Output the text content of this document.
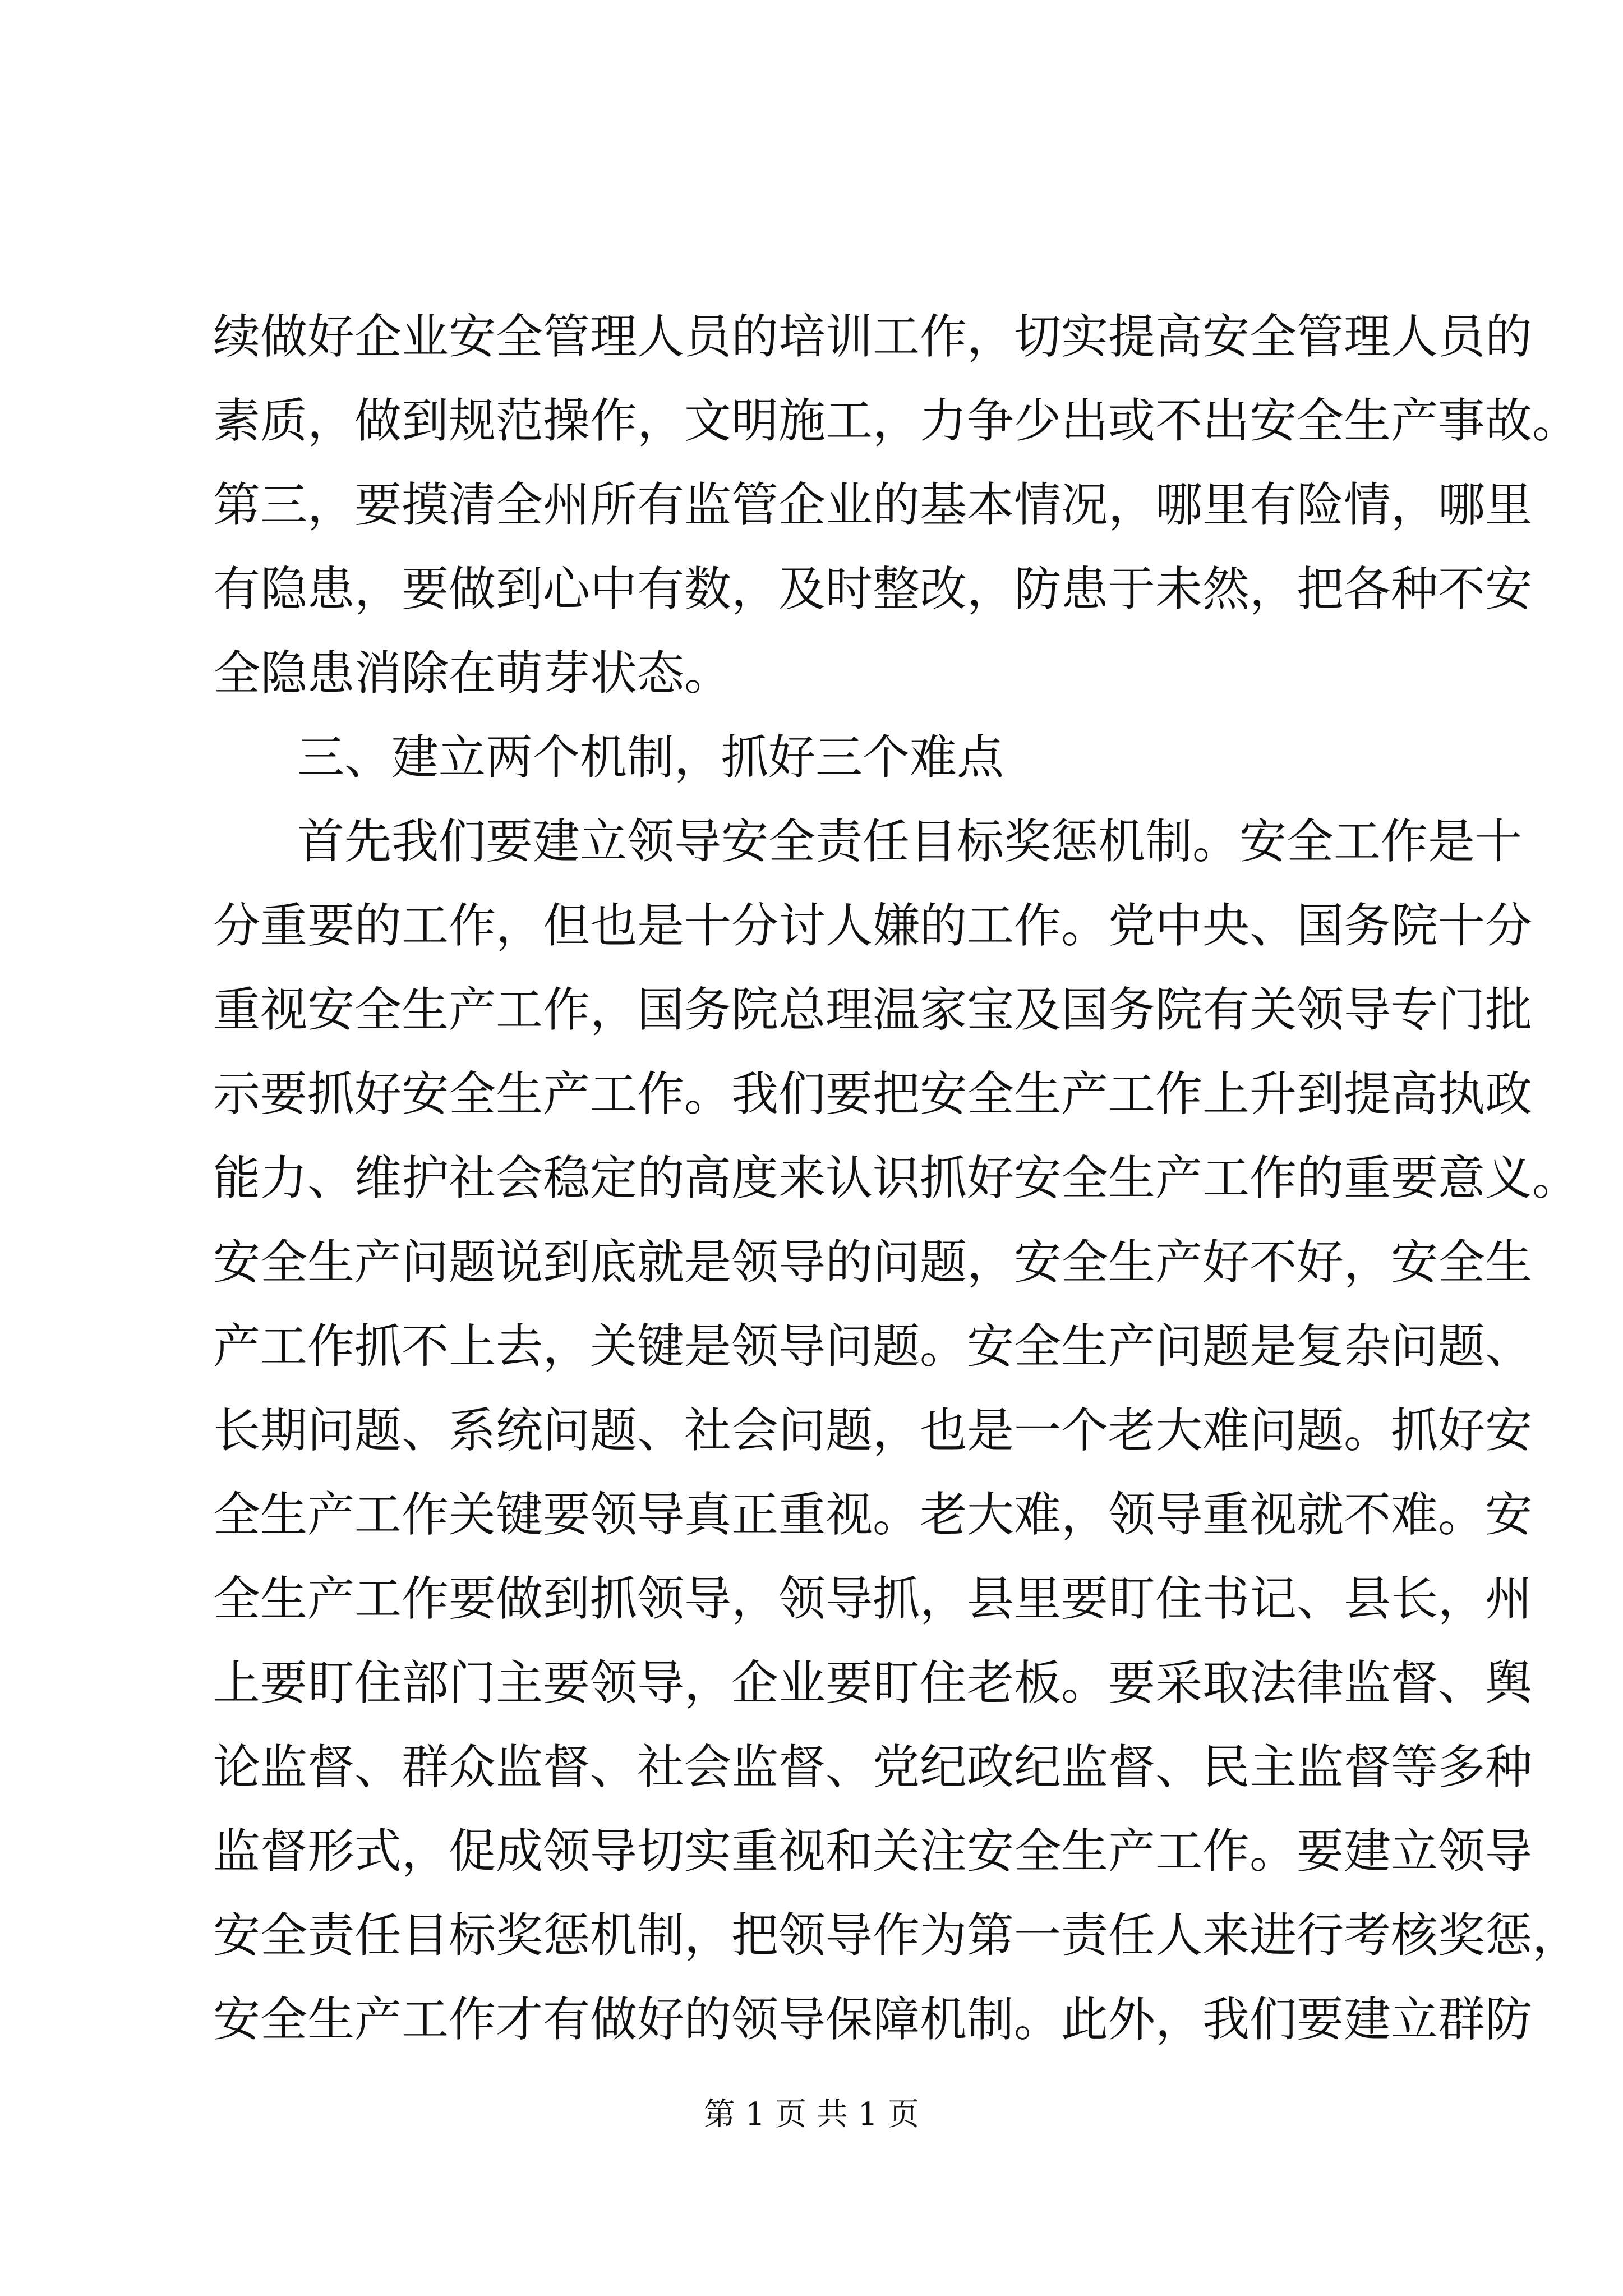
续做好企业安全管理人员的培训工作，切实提高安全管理人员的
素质，做到规范操作，文明施工，力争少出或不出安全生产事故。
第三，要摸清全州所有监管企业的基本情况，哪里有险情，哪里
有隐患，要做到心中有数，及时整改，防患于未然，把各种不安
全隐患消除在萌芽状态。
三、建立两个机制，抓好三个难点
首先我们要建立领导安全责任目标奖惩机制。安全工作是十
分重要的工作，但也是十分讨人嫌的工作。党中央、国务院十分
重视安全生产工作，国务院总理温家宝及国务院有关领导专门批
示要抓好安全生产工作。我们要把安全生产工作上升到提高执政
能力、维护社会稳定的高度来认识抓好安全生产工作的重要意义。
安全生产问题说到底就是领导的问题，安全生产好不好，安全生
产工作抓不上去，关键是领导问题。安全生产问题是复杂问题、
长期问题、系统问题、社会问题，也是一个老大难问题。抓好安
全生产工作关键要领导真正重视。老大难，领导重视就不难。安
全生产工作要做到抓领导，领导抓，县里要盯住书记、县长，州
上要盯住部门主要领导，企业要盯住老板。要采取法律监督、舆
论监督、群众监督、社会监督、党纪政纪监督、民主监督等多种
监督形式，促成领导切实重视和关注安全生产工作。要建立领导
安全责任目标奖惩机制，把领导作为第一责任人来进行考核奖惩，
安全生产工作才有做好的领导保障机制。此外，我们要建立群防
第 1 页 共 1 页
